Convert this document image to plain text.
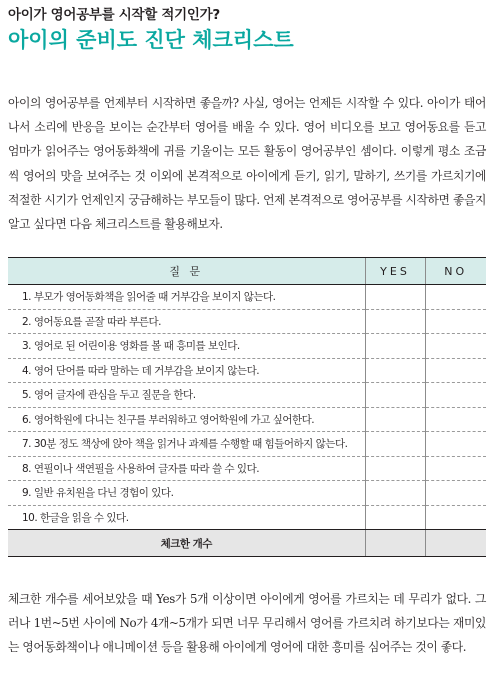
아이가 영어공부를 시작할 적기인가?
아이의 준비도 진단 체크리스트

아이의 영어공부를 언제부터 시작하면 좋을까? 사실, 영어는 언제든 시작할 수 있다. 아이가 태어나서 소리에 반응을 보이는 순간부터 영어를 배울 수 있다. 영어 비디오를 보고 영어동요를 듣고 엄마가 읽어주는 영어동화책에 귀를 기울이는 모든 활동이 영어공부인 셈이다. 이렇게 평소 조금씩 영어의 맛을 보여주는 것 이외에 본격적으로 아이에게 듣기, 읽기, 말하기, 쓰기를 가르치기에 적절한 시기가 언제인지 궁금해하는 부모들이 많다. 언제 본격적으로 영어공부를 시작하면 좋을지 알고 싶다면 다음 체크리스트를 활용해보자.

질 문	YES	NO
1. 부모가 영어동화책을 읽어줄 때 거부감을 보이지 않는다.		
2. 영어동요를 곧잘 따라 부른다.		
3. 영어로 된 어린이용 영화를 볼 때 흥미를 보인다.		
4. 영어 단어를 따라 말하는 데 거부감을 보이지 않는다.		
5. 영어 글자에 관심을 두고 질문을 한다.		
6. 영어학원에 다니는 친구를 부러워하고 영어학원에 가고 싶어한다.		
7. 30분 정도 책상에 앉아 책을 읽거나 과제를 수행할 때 힘들어하지 않는다.		
8. 연필이나 색연필을 사용하여 글자를 따라 쓸 수 있다.		
9. 일반 유치원을 다닌 경험이 있다.		
10. 한글을 읽을 수 있다.		
체크한 개수		

체크한 개수를 세어보았을 때 Yes가 5개 이상이면 아이에게 영어를 가르치는 데 무리가 없다. 그러나 1번~5번 사이에 No가 4개~5개가 되면 너무 무리해서 영어를 가르치려 하기보다는 재미있는 영어동화책이나 애니메이션 등을 활용해 아이에게 영어에 대한 흥미를 심어주는 것이 좋다.
